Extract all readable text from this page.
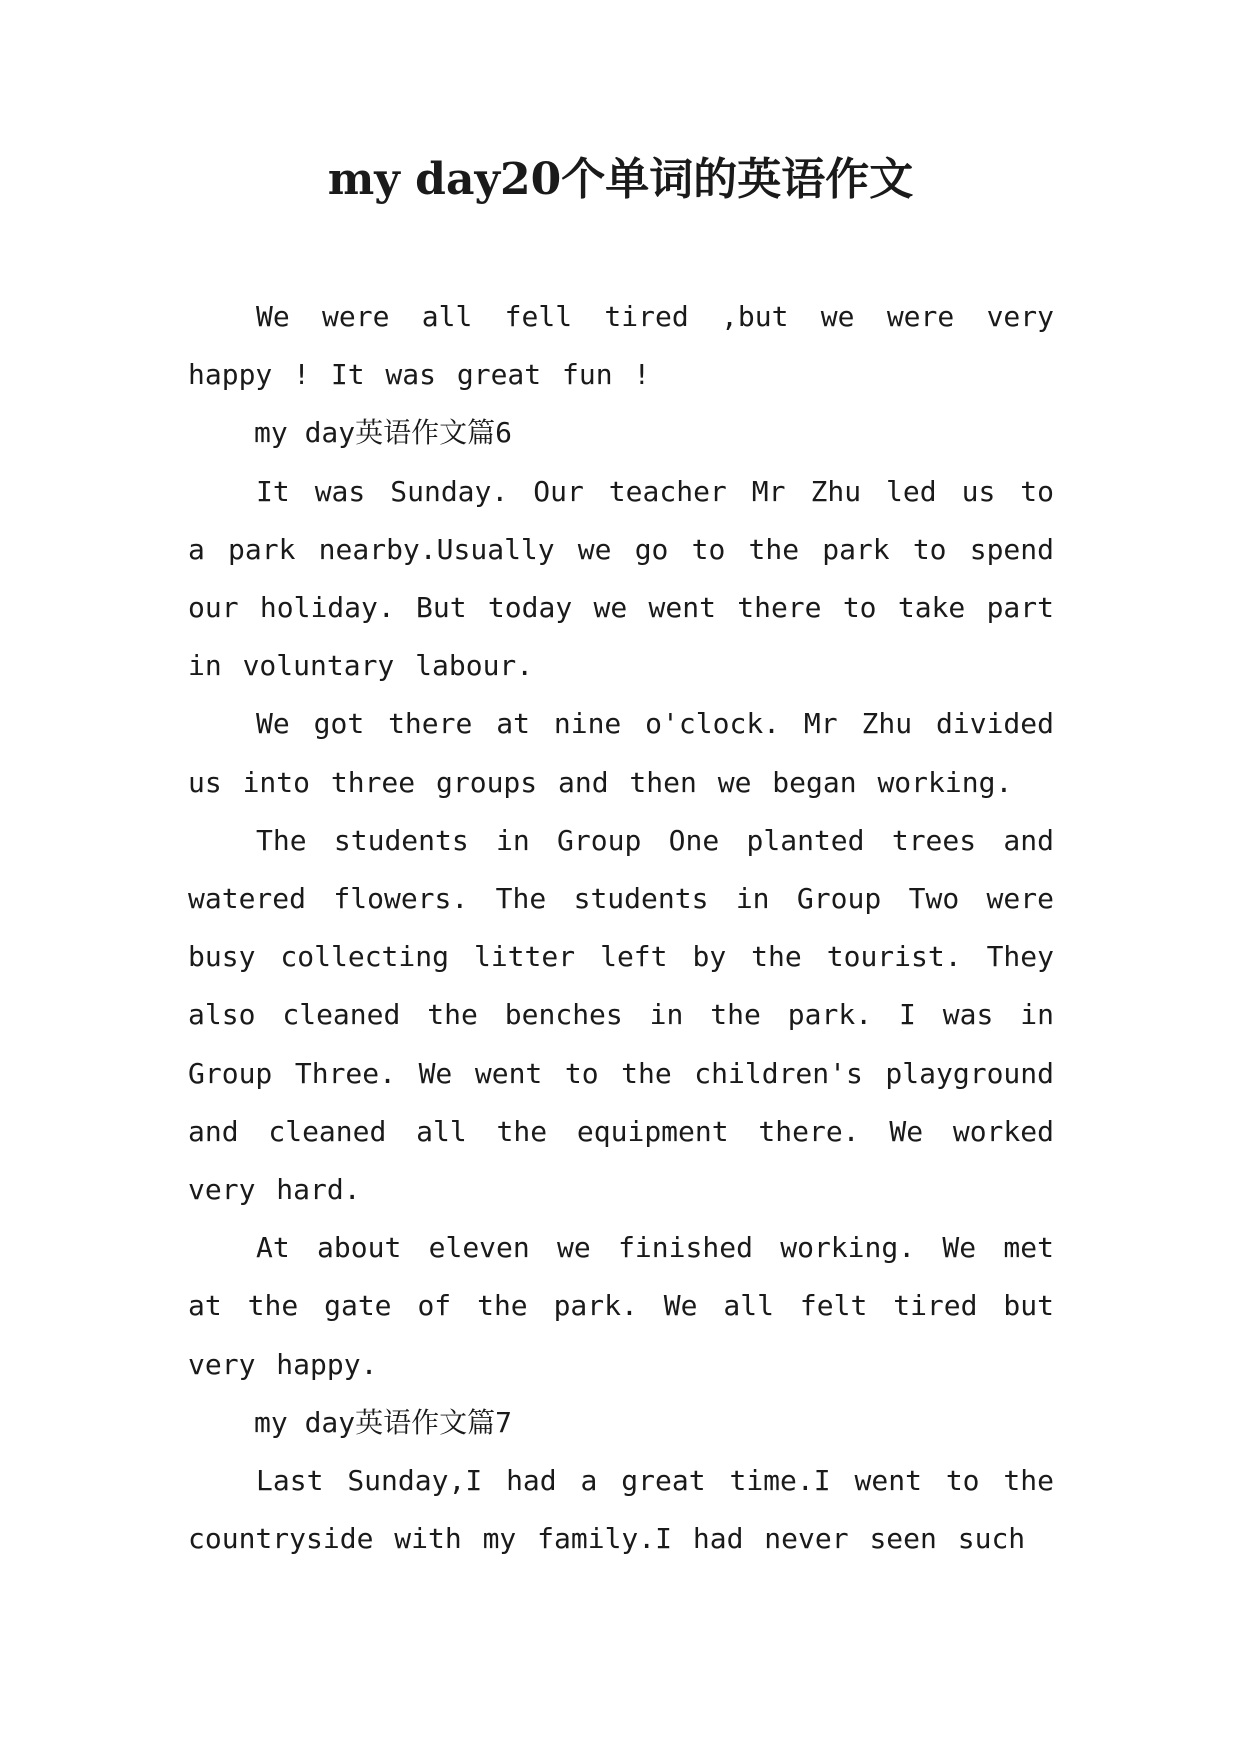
my day20个单词的英语作文

We were all fell tired ,but we were very happy ! It was great fun !

my day英语作文篇6

It was Sunday. Our teacher Mr Zhu led us to a park nearby.Usually we go to the park to spend our holiday. But today we went there to take part in voluntary labour.

We got there at nine o'clock. Mr Zhu divided us into three groups and then we began working.

The students in Group One planted trees and watered flowers. The students in Group Two were busy collecting litter left by the tourist. They also cleaned the benches in the park. I was in Group Three. We went to the children's playground and cleaned all the equipment there. We worked very hard.

At about eleven we finished working. We met at the gate of the park. We all felt tired but very happy.

my day英语作文篇7

Last Sunday,I had a great time.I went to the countryside with my family.I had never seen such
